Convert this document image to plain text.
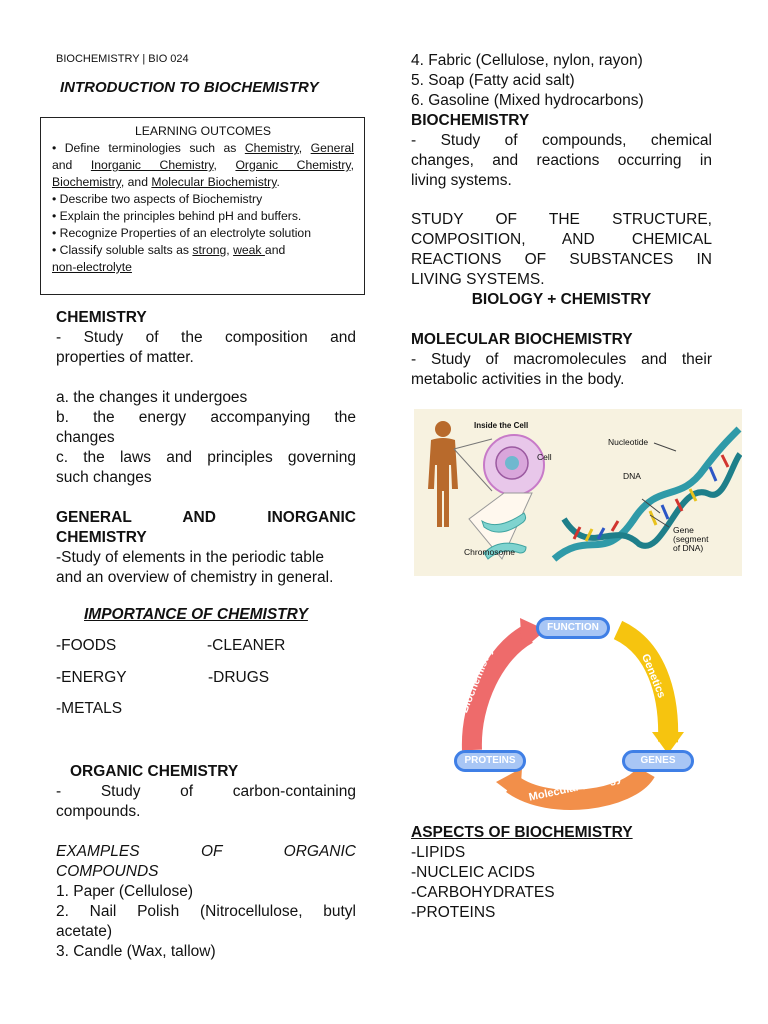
BIOCHEMISTRY | BIO 024
INTRODUCTION TO BIOCHEMISTRY
LEARNING OUTCOMES
• Define terminologies such as Chemistry, General
and Inorganic Chemistry, Organic Chemistry,
Biochemistry, and Molecular Biochemistry.
• Describe two aspects of Biochemistry
• Explain the principles behind pH and buffers.
• Recognize Properties of an electrolyte solution
• Classify soluble salts as strong, weak and
non-electrolyte
CHEMISTRY
- Study of the composition and
properties of matter.
a. the changes it undergoes
b. the energy accompanying the
changes
c. the laws and principles governing
such changes
GENERAL AND INORGANIC
CHEMISTRY
-Study of elements in the periodic table
and an overview of chemistry in general.
IMPORTANCE OF CHEMISTRY
-FOODS
-ENERGY
-METALS
-CLEANER
-DRUGS
ORGANIC CHEMISTRY
- Study of carbon-containing
compounds.
EXAMPLES OF ORGANIC
COMPOUNDS
1. Paper (Cellulose)
2. Nail Polish (Nitrocellulose, butyl
acetate)
3. Candle (Wax, tallow)
4. Fabric (Cellulose, nylon, rayon)
5. Soap (Fatty acid salt)
6. Gasoline (Mixed hydrocarbons)
BIOCHEMISTRY
- Study of compounds, chemical
changes, and reactions occurring in
living systems.
STUDY OF THE STRUCTURE,
COMPOSITION, AND CHEMICAL
REACTIONS OF SUBSTANCES IN
LIVING SYSTEMS.
BIOLOGY + CHEMISTRY
MOLECULAR BIOCHEMISTRY
- Study of macromolecules and their
metabolic activities in the body.
Inside the Cell
Nucleotide
Cell
DNA
Gene
(segment
of DNA)
Chromosome
FUNCTION
PROTEINS	GENES
Biochemistry	Genetics
Molecular Biology
ASPECTS OF BIOCHEMISTRY
-LIPIDS
-NUCLEIC ACIDS
-CARBOHYDRATES
-PROTEINS
